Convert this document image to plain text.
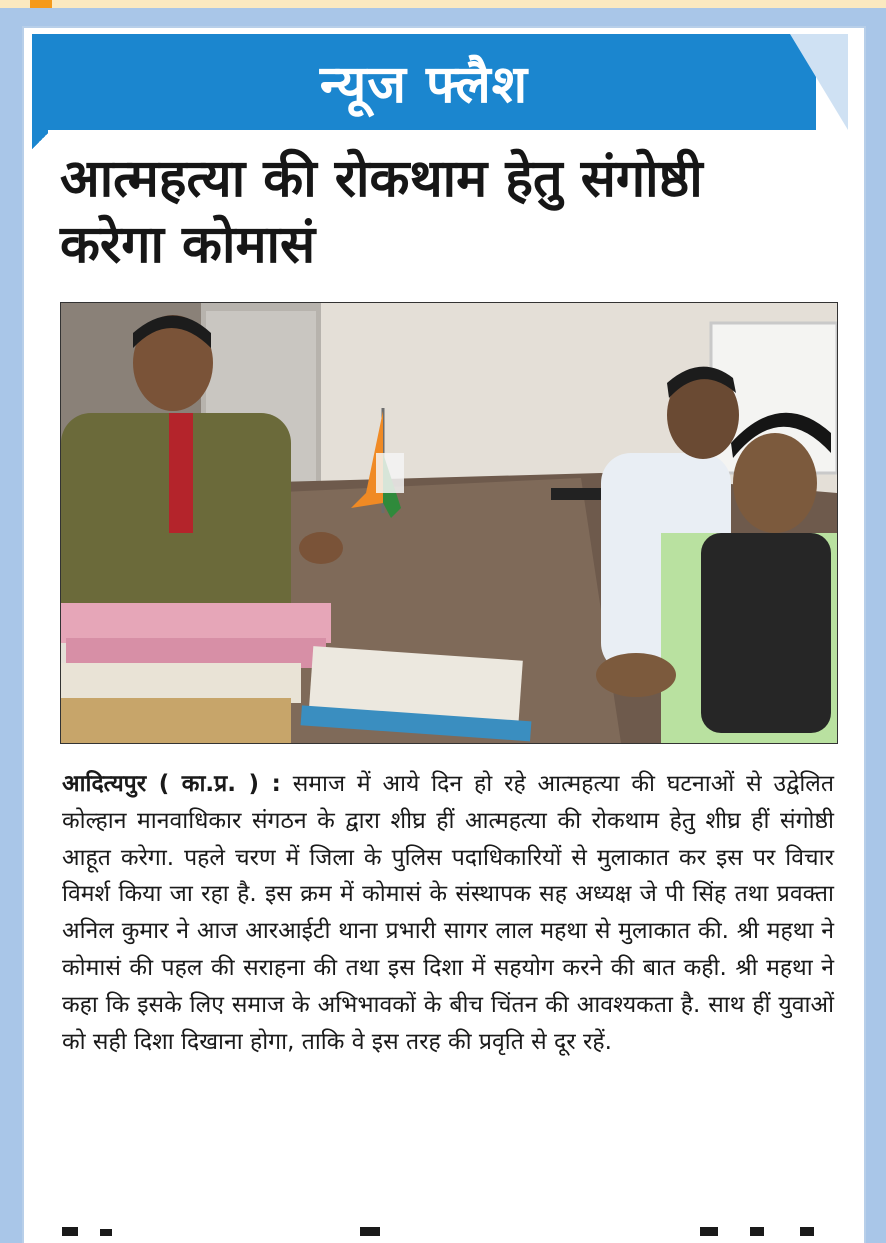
न्यूज फ्लैश
आत्महत्या की रोकथाम हेतु संगोष्ठी
करेगा कोमासं

आदित्यपुर ( का.प्र. ) : समाज में आये दिन हो रहे आत्महत्या की घटनाओं से उद्वेलित कोल्हान मानवाधिकार संगठन के द्वारा शीघ्र हीं आत्महत्या की रोकथाम हेतु शीघ्र हीं संगोष्ठी आहूत करेगा. पहले चरण में जिला के पुलिस पदाधिकारियों से मुलाकात कर इस पर विचार विमर्श किया जा रहा है. इस क्रम में कोमासं के संस्थापक सह अध्यक्ष जे पी सिंह तथा प्रवक्ता अनिल कुमार ने आज आरआईटी थाना प्रभारी सागर लाल महथा से मुलाकात की. श्री महथा ने कोमासं की पहल की सराहना की तथा इस दिशा में सहयोग करने की बात कही. श्री महथा ने कहा कि इसके लिए समाज के अभिभावकों के बीच चिंतन की आवश्यकता है. साथ हीं युवाओं को सही दिशा दिखाना होगा, ताकि वे इस तरह की प्रवृति से दूर रहें.
